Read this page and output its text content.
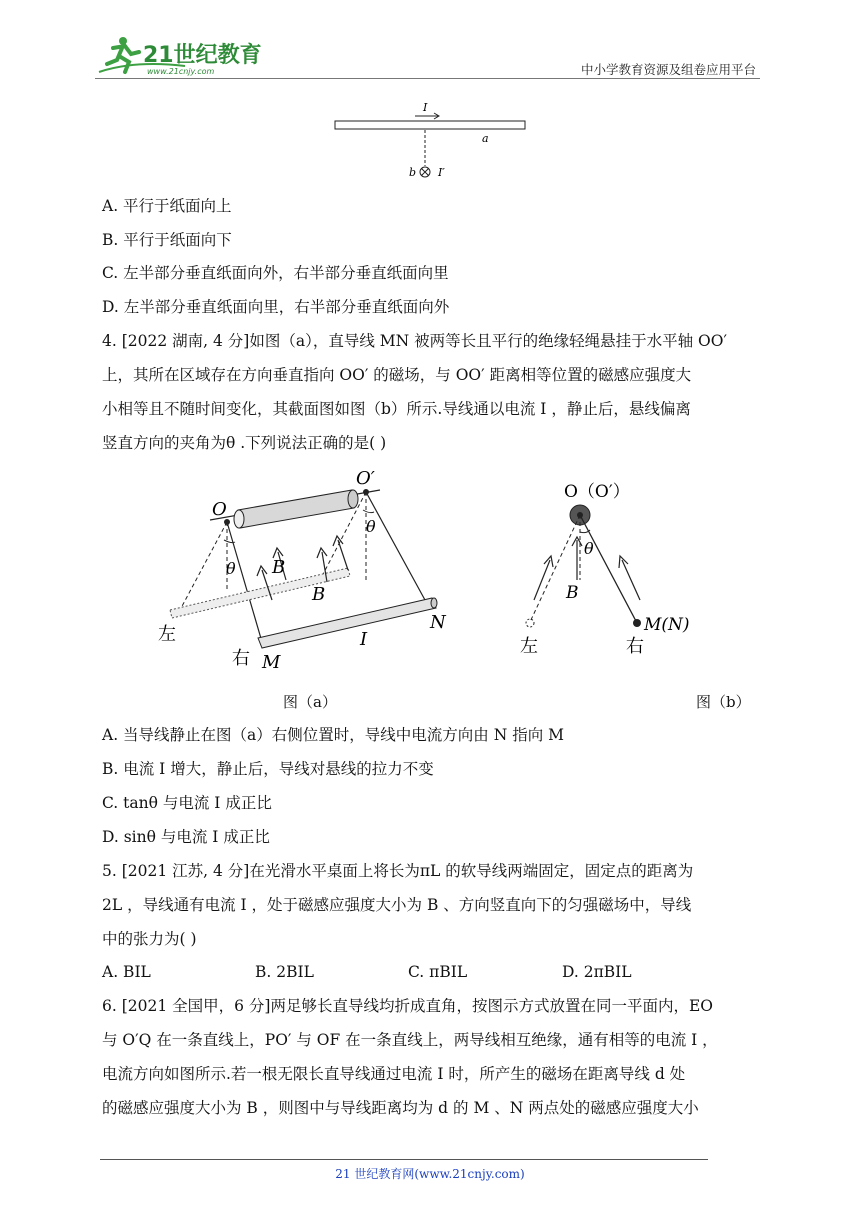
21世纪教育
www.21cnjy.com	中小学教育资源及组卷应用平台
I
a
b I′
A. 平行于纸面向上
B. 平行于纸面向下
C. 左半部分垂直纸面向外，右半部分垂直纸面向里
D. 左半部分垂直纸面向里，右半部分垂直纸面向外
4. [2022 湖南, 4 分]如图（a），直导线 MN 被两等长且平行的绝缘轻绳悬挂于水平轴 OO′
上，其所在区域存在方向垂直指向 OO′ 的磁场，与 OO′ 距离相等位置的磁感应强度大
小相等且不随时间变化，其截面图如图（b）所示.导线通以电流 I ，静止后，悬线偏离
竖直方向的夹角为θ .下列说法正确的是( )
O
O′
θ
θ
B
B
左
右 M
N
I
O（O′）
θ
B
M(N)
左	右
图（a）	图（b）
A. 当导线静止在图（a）右侧位置时，导线中电流方向由 N 指向 M
B. 电流 I 增大，静止后，导线对悬线的拉力不变
C. tanθ 与电流 I 成正比
D. sinθ 与电流 I 成正比
5. [2021 江苏, 4 分]在光滑水平桌面上将长为πL 的软导线两端固定，固定点的距离为
2L ，导线通有电流 I ，处于磁感应强度大小为 B 、方向竖直向下的匀强磁场中，导线
中的张力为( )
A. BIL	B. 2BIL	C. πBIL	D. 2πBIL
6. [2021 全国甲，6 分]两足够长直导线均折成直角，按图示方式放置在同一平面内，EO
与 O′Q 在一条直线上，PO′ 与 OF 在一条直线上，两导线相互绝缘，通有相等的电流 I ，
电流方向如图所示.若一根无限长直导线通过电流 I 时，所产生的磁场在距离导线 d 处
的磁感应强度大小为 B ，则图中与导线距离均为 d 的 M 、N 两点处的磁感应强度大小
21 世纪教育网(www.21cnjy.com)
